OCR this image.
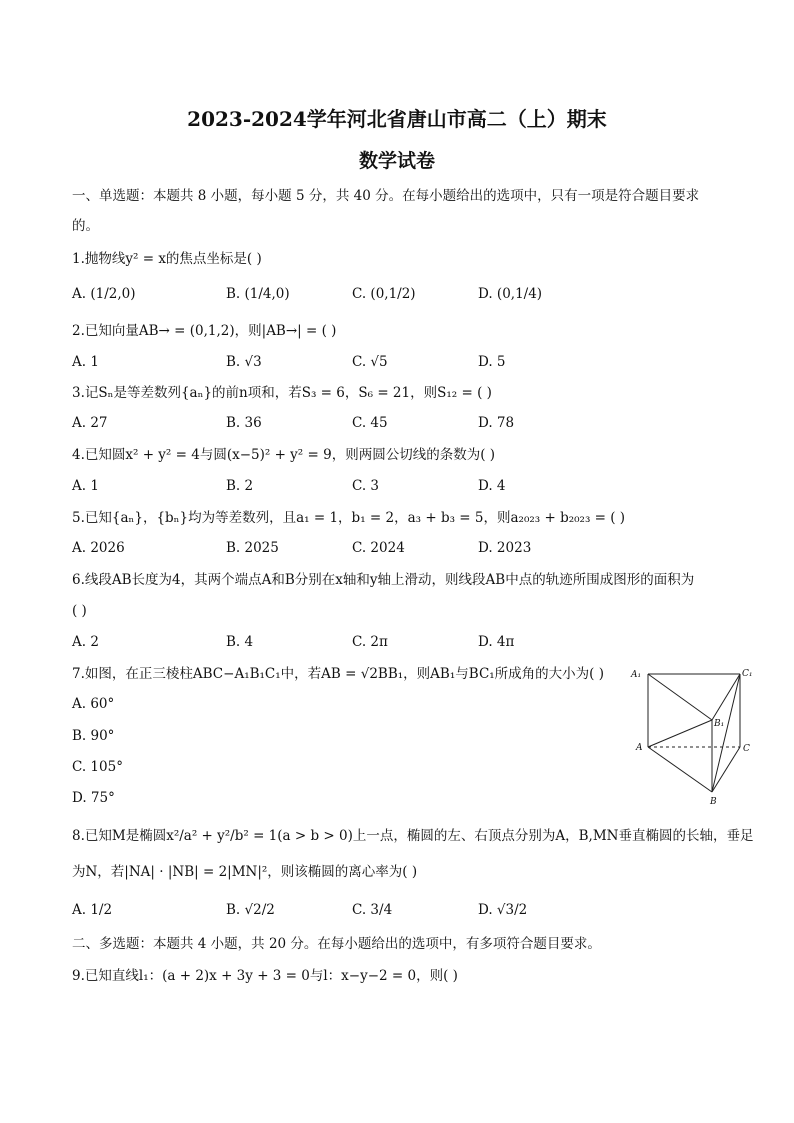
2023-2024学年河北省唐山市高二（上）期末
数学试卷
一、单选题：本题共 8 小题，每小题 5 分，共 40 分。在每小题给出的选项中，只有一项是符合题目要求
的。
1.抛物线y² = x的焦点坐标是( )
A. (1/2,0)	B. (1/4,0)	C. (0,1/2)	D. (0,1/4)
2.已知向量AB→ = (0,1,2)，则|AB→| = ( )
A. 1	B. √3	C. √5	D. 5
3.记Sₙ是等差数列{aₙ}的前n项和，若S₃ = 6，S₆ = 21，则S₁₂ = ( )
A. 27	B. 36	C. 45	D. 78
4.已知圆x² + y² = 4与圆(x−5)² + y² = 9，则两圆公切线的条数为( )
A. 1	B. 2	C. 3	D. 4
5.已知{aₙ}，{bₙ}均为等差数列，且a₁ = 1，b₁ = 2，a₃ + b₃ = 5，则a₂₀₂₃ + b₂₀₂₃ = ( )
A. 2026	B. 2025	C. 2024	D. 2023
6.线段AB长度为4，其两个端点A和B分别在x轴和y轴上滑动，则线段AB中点的轨迹所围成图形的面积为
( )
A. 2	B. 4	C. 2π	D. 4π
7.如图，在正三棱柱ABC−A₁B₁C₁中，若AB = √2BB₁，则AB₁与BC₁所成角的大小为( )
A. 60°
B. 90°
C. 105°
D. 75°
A₁	C₁
B₁
A	C
B
8.已知M是椭圆x²/a² + y²/b² = 1(a > b > 0)上一点，椭圆的左、右顶点分别为A，B,MN垂直椭圆的长轴，垂足
为N，若|NA| · |NB| = 2|MN|²，则该椭圆的离心率为( )
A. 1/2	B. √2/2	C. 3/4	D. √3/2
二、多选题：本题共 4 小题，共 20 分。在每小题给出的选项中，有多项符合题目要求。
9.已知直线l₁：(a + 2)x + 3y + 3 = 0与l：x−y−2 = 0，则( )
